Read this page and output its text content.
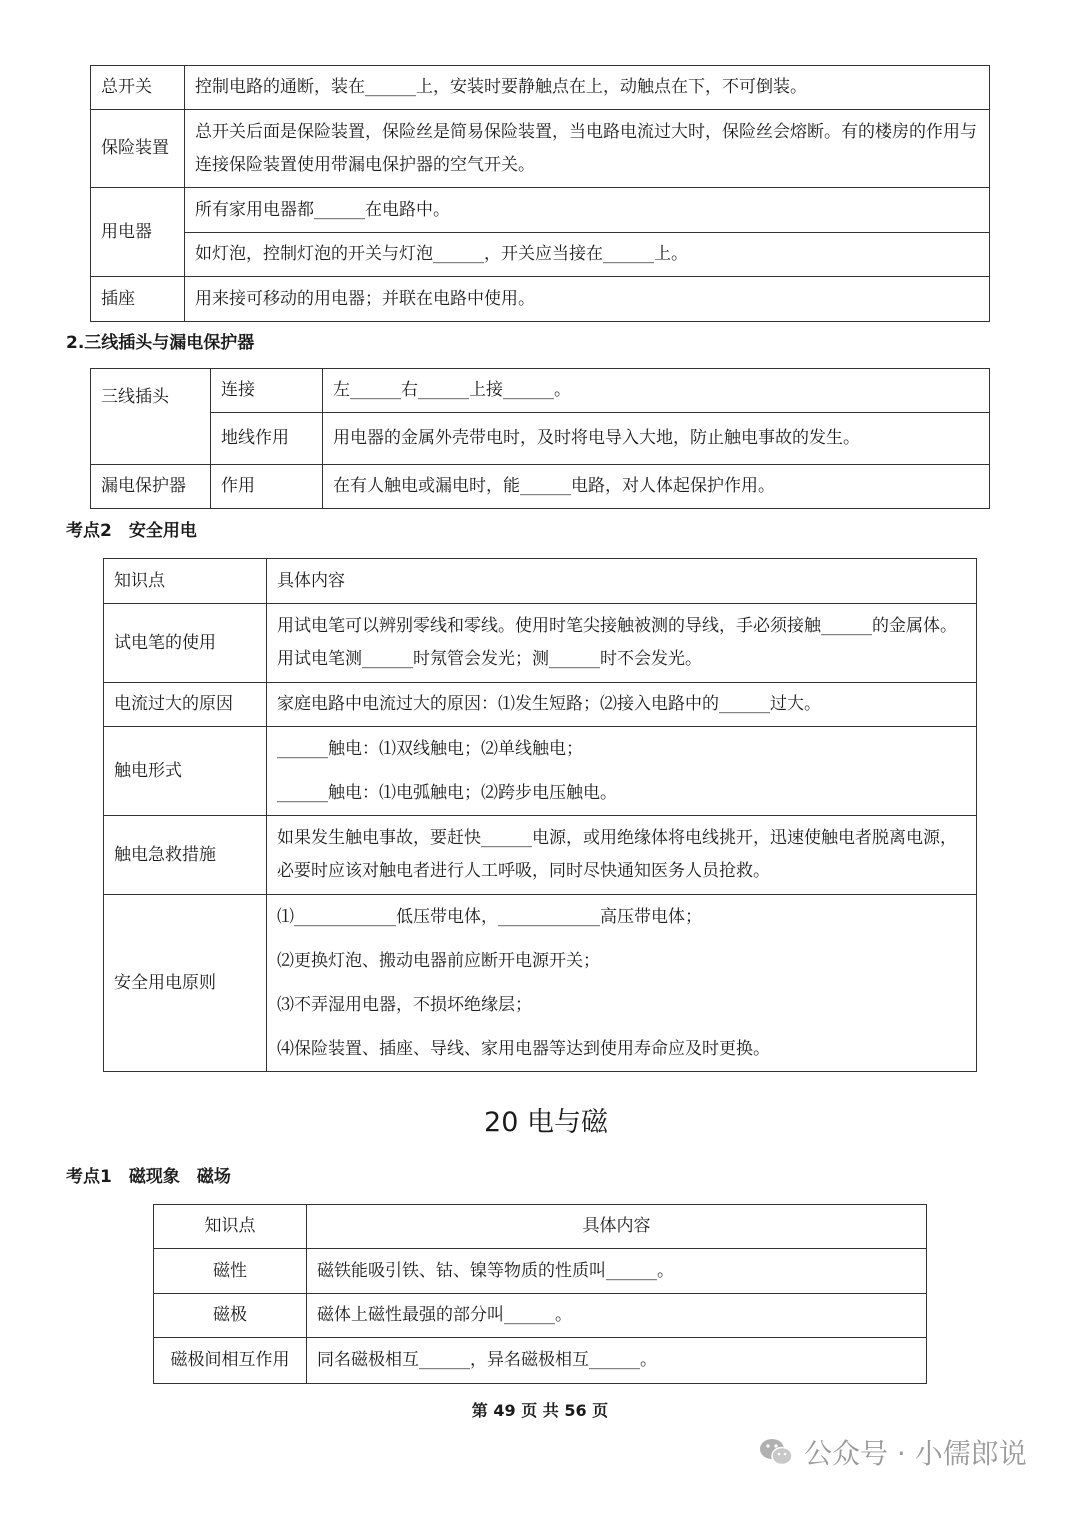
总开关	控制电路的通断，装在______上，安装时要静触点在上，动触点在下，不可倒装。
保险装置	总开关后面是保险装置，保险丝是简易保险装置，当电路电流过大时，保险丝会熔断。有的楼房的作用与连接保险装置使用带漏电保护器的空气开关。
用电器	所有家用电器都______在电路中。
	如灯泡，控制灯泡的开关与灯泡______，开关应当接在______上。
插座	用来接可移动的用电器；并联在电路中使用。
2.三线插头与漏电保护器
三线插头	连接	左______右______上接______。
	地线作用	用电器的金属外壳带电时，及时将电导入大地，防止触电事故的发生。
漏电保护器	作用	在有人触电或漏电时，能______电路，对人体起保护作用。
考点2　安全用电
知识点	具体内容
试电笔的使用	用试电笔可以辨别零线和零线。使用时笔尖接触被测的导线，手必须接触______的金属体。用试电笔测______时氖管会发光；测______时不会发光。
电流过大的原因	家庭电路中电流过大的原因：⑴发生短路；⑵接入电路中的______过大。
触电形式	______触电：⑴双线触电；⑵单线触电；
______触电：⑴电弧触电；⑵跨步电压触电。

触电急救措施	如果发生触电事故，要赶快______电源，或用绝缘体将电线挑开，迅速使触电者脱离电源，必要时应该对触电者进行人工呼吸，同时尽快通知医务人员抢救。
安全用电原则	⑴____________低压带电体，____________高压带电体；
⑵更换灯泡、搬动电器前应断开电源开关；
⑶不弄湿用电器，不损坏绝缘层；
⑷保险装置、插座、导线、家用电器等达到使用寿命应及时更换。
20 电与磁
考点1　磁现象　磁场
知识点	具体内容
磁性	磁铁能吸引铁、钴、镍等物质的性质叫______。
磁极	磁体上磁性最强的部分叫______。
磁极间相互作用	同名磁极相互______，异名磁极相互______。
第 49 页 共 56 页
公众号 · 小儒郎说
